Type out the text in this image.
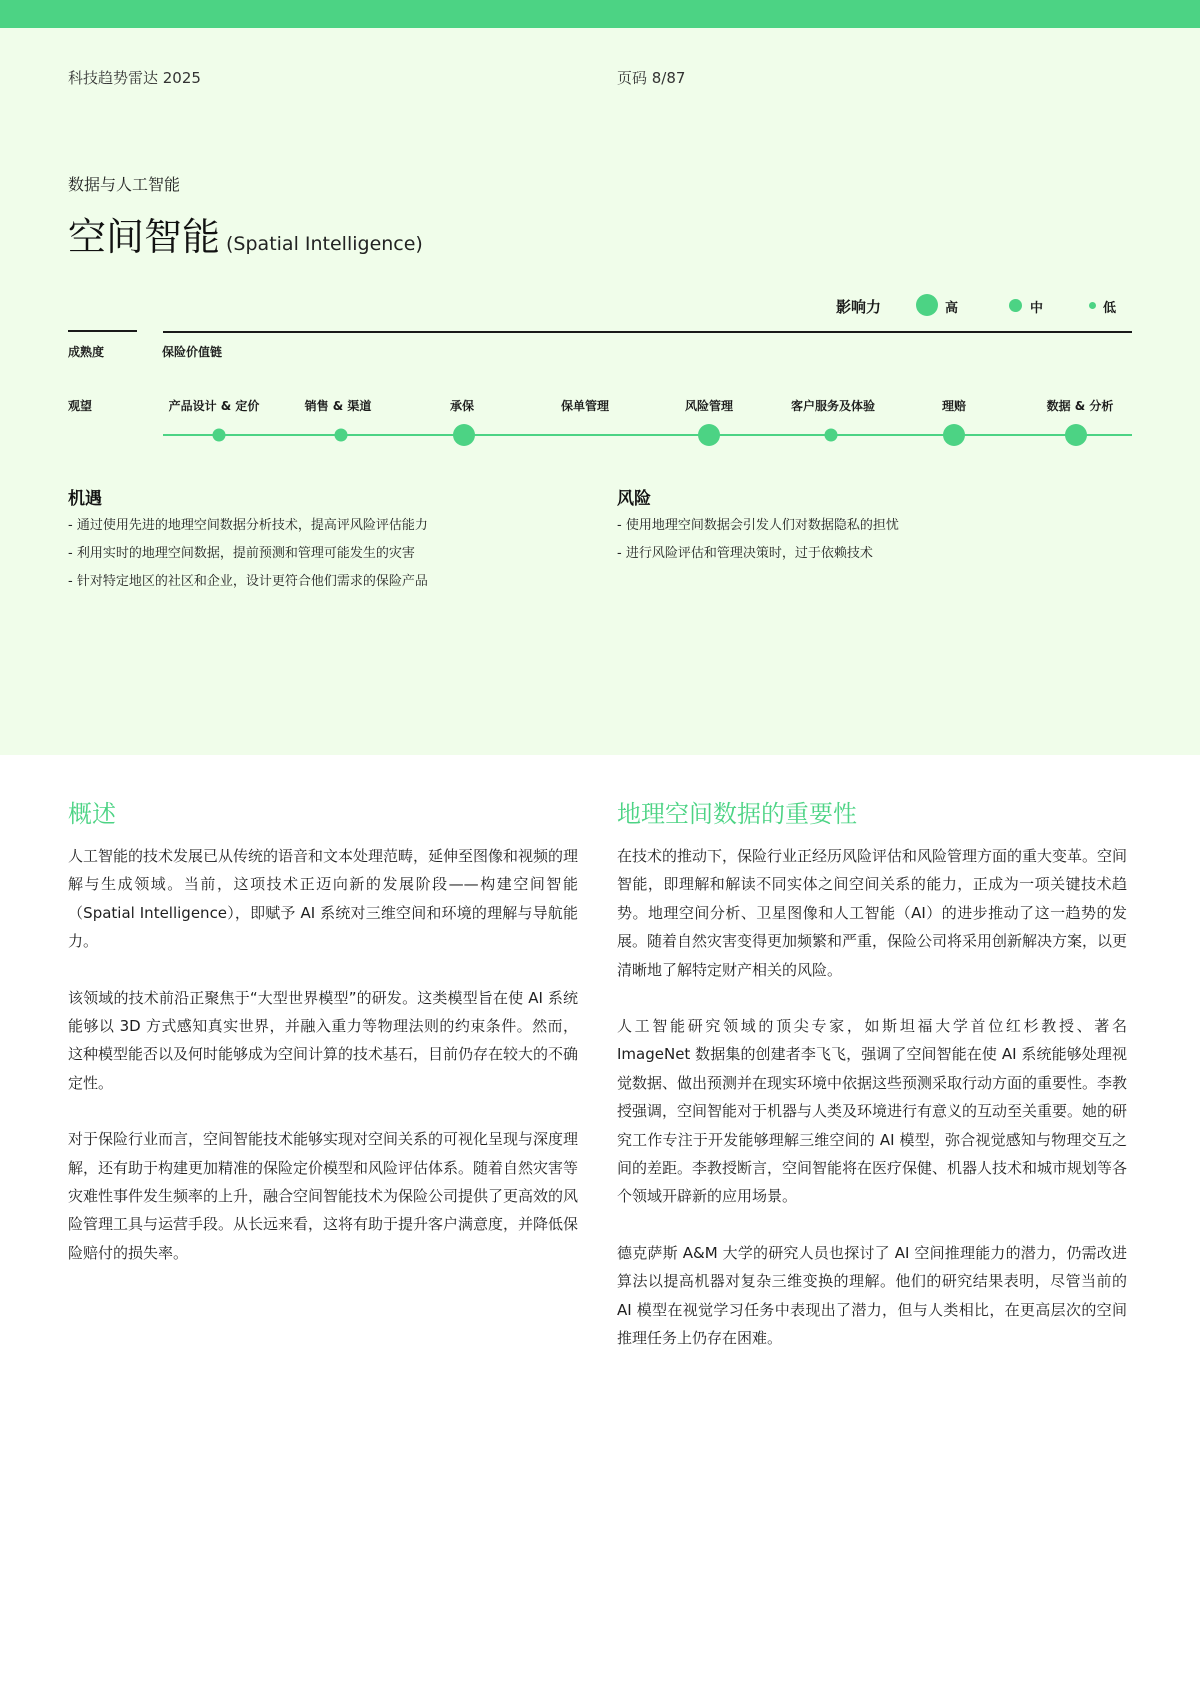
科技趋势雷达 2025	页码 8/87
数据与人工智能
空间智能 (Spatial Intelligence)
影响力	高	中	低
成熟度	保险价值链
观望	产品设计 & 定价	销售 & 渠道	承保	保单管理	风险管理	客户服务及体验	理赔	数据 & 分析
机遇
- 通过使用先进的地理空间数据分析技术，提高评风险评估能力
- 利用实时的地理空间数据，提前预测和管理可能发生的灾害
- 针对特定地区的社区和企业，设计更符合他们需求的保险产品
风险
- 使用地理空间数据会引发人们对数据隐私的担忧
- 进行风险评估和管理决策时，过于依赖技术
概述

人工智能的技术发展已从传统的语音和文本处理范畴，延伸至图像和视频的理解与生成领域。当前，这项技术正迈向新的发展阶段——构建空间智能（Spatial Intelligence），即赋予 AI 系统对三维空间和环境的理解与导航能力。

该领域的技术前沿正聚焦于“大型世界模型”的研发。这类模型旨在使 AI 系统能够以 3D 方式感知真实世界，并融入重力等物理法则的约束条件。然而，这种模型能否以及何时能够成为空间计算的技术基石，目前仍存在较大的不确定性。

对于保险行业而言，空间智能技术能够实现对空间关系的可视化呈现与深度理解，还有助于构建更加精准的保险定价模型和风险评估体系。随着自然灾害等灾难性事件发生频率的上升，融合空间智能技术为保险公司提供了更高效的风险管理工具与运营手段。从长远来看，这将有助于提升客户满意度，并降低保险赔付的损失率。

地理空间数据的重要性

在技术的推动下，保险行业正经历风险评估和风险管理方面的重大变革。空间智能，即理解和解读不同实体之间空间关系的能力，正成为一项关键技术趋势。地理空间分析、卫星图像和人工智能（AI）的进步推动了这一趋势的发展。随着自然灾害变得更加频繁和严重，保险公司将采用创新解决方案，以更清晰地了解特定财产相关的风险。

人工智能研究领域的顶尖专家，如斯坦福大学首位红杉教授、著名 ImageNet 数据集的创建者李飞飞，强调了空间智能在使 AI 系统能够处理视觉数据、做出预测并在现实环境中依据这些预测采取行动方面的重要性。李教授强调，空间智能对于机器与人类及环境进行有意义的互动至关重要。她的研究工作专注于开发能够理解三维空间的 AI 模型，弥合视觉感知与物理交互之间的差距。李教授断言，空间智能将在医疗保健、机器人技术和城市规划等各个领域开辟新的应用场景。

德克萨斯 A&M 大学的研究人员也探讨了 AI 空间推理能力的潜力，仍需改进算法以提高机器对复杂三维变换的理解。他们的研究结果表明，尽管当前的 AI 模型在视觉学习任务中表现出了潜力，但与人类相比，在更高层次的空间推理任务上仍存在困难。
